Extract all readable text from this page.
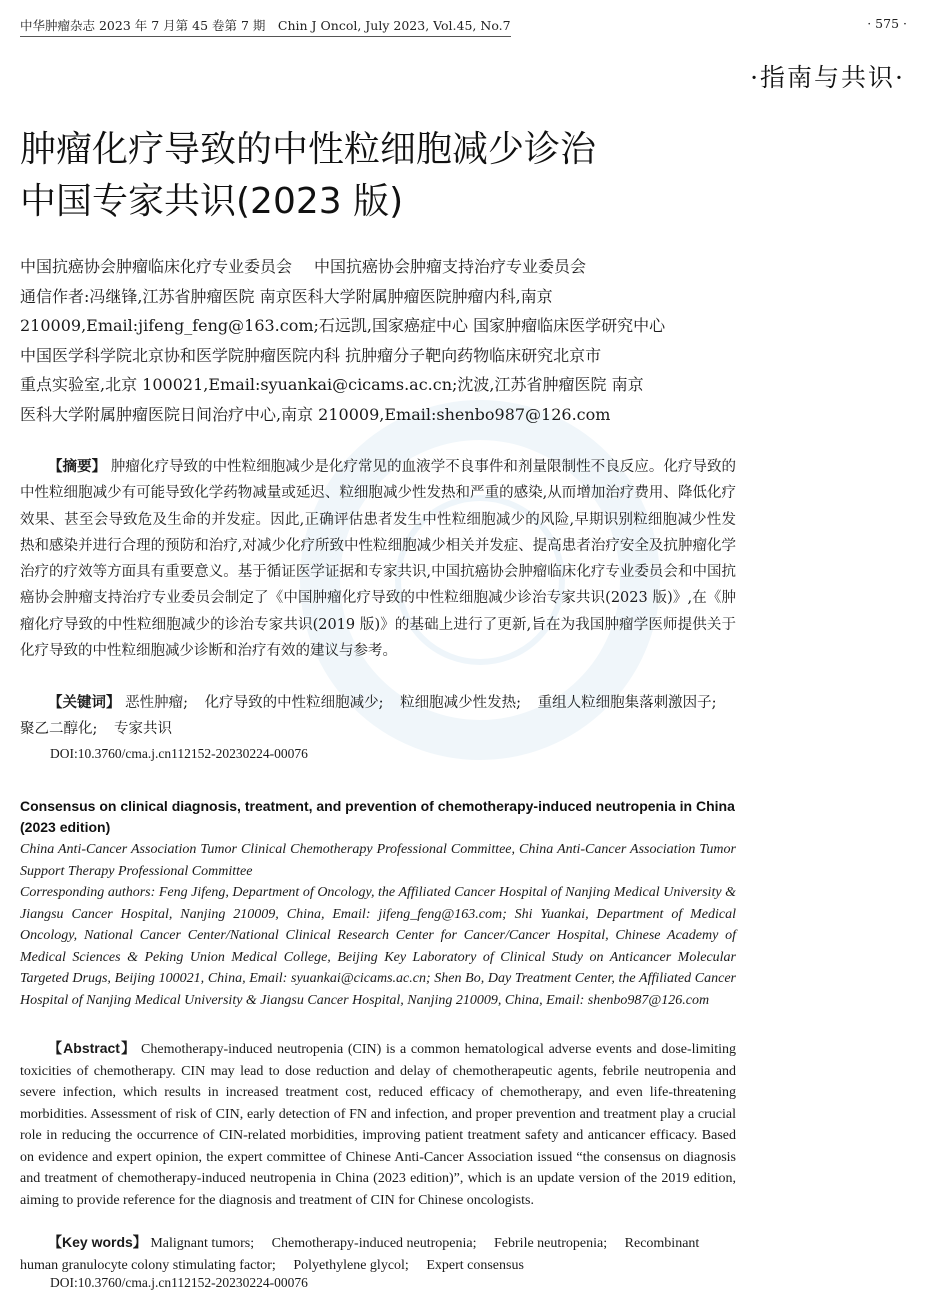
中华肿瘤杂志 2023 年 7 月第 45 卷第 7 期　Chin J Oncol, July 2023, Vol.45, No.7	· 575 ·
·指南与共识·
肿瘤化疗导致的中性粒细胞减少诊治
中国专家共识(2023 版)
中国抗癌协会肿瘤临床化疗专业委员会 中国抗癌协会肿瘤支持治疗专业委员会
通信作者:冯继锋,江苏省肿瘤医院 南京医科大学附属肿瘤医院肿瘤内科,南京
210009,Email:jifeng_feng@163.com;石远凯,国家癌症中心 国家肿瘤临床医学研究中心
中国医学科学院北京协和医学院肿瘤医院内科 抗肿瘤分子靶向药物临床研究北京市
重点实验室,北京 100021,Email:syuankai@cicams.ac.cn;沈波,江苏省肿瘤医院 南京
医科大学附属肿瘤医院日间治疗中心,南京 210009,Email:shenbo987@126.com
【摘要】 肿瘤化疗导致的中性粒细胞减少是化疗常见的血液学不良事件和剂量限制性不良反应。化疗导致的中性粒细胞减少有可能导致化学药物减量或延迟、粒细胞减少性发热和严重的感染,从而增加治疗费用、降低化疗效果、甚至会导致危及生命的并发症。因此,正确评估患者发生中性粒细胞减少的风险,早期识别粒细胞减少性发热和感染并进行合理的预防和治疗,对减少化疗所致中性粒细胞减少相关并发症、提高患者治疗安全及抗肿瘤化学治疗的疗效等方面具有重要意义。基于循证医学证据和专家共识,中国抗癌协会肿瘤临床化疗专业委员会和中国抗癌协会肿瘤支持治疗专业委员会制定了《中国肿瘤化疗导致的中性粒细胞减少诊治专家共识(2023 版)》,在《肿瘤化疗导致的中性粒细胞减少的诊治专家共识(2019 版)》的基础上进行了更新,旨在为我国肿瘤学医师提供关于化疗导致的中性粒细胞减少诊断和治疗有效的建议与参考。
【关键词】 恶性肿瘤; 化疗导致的中性粒细胞减少; 粒细胞减少性发热; 重组人粒细胞集落刺激因子; 聚乙二醇化; 专家共识
DOI:10.3760/cma.j.cn112152-20230224-00076
Consensus on clinical diagnosis, treatment, and prevention of chemotherapy-induced neutropenia in China (2023 edition)
China Anti-Cancer Association Tumor Clinical Chemotherapy Professional Committee, China Anti-Cancer Association Tumor Support Therapy Professional Committee
Corresponding authors: Feng Jifeng, Department of Oncology, the Affiliated Cancer Hospital of Nanjing Medical University & Jiangsu Cancer Hospital, Nanjing 210009, China, Email: jifeng_feng@163.com; Shi Yuankai, Department of Medical Oncology, National Cancer Center/National Clinical Research Center for Cancer/Cancer Hospital, Chinese Academy of Medical Sciences & Peking Union Medical College, Beijing Key Laboratory of Clinical Study on Anticancer Molecular Targeted Drugs, Beijing 100021, China, Email: syuankai@cicams.ac.cn; Shen Bo, Day Treatment Center, the Affiliated Cancer Hospital of Nanjing Medical University & Jiangsu Cancer Hospital, Nanjing 210009, China, Email: shenbo987@126.com
【Abstract】 Chemotherapy-induced neutropenia (CIN) is a common hematological adverse events and dose-limiting toxicities of chemotherapy. CIN may lead to dose reduction and delay of chemotherapeutic agents, febrile neutropenia and severe infection, which results in increased treatment cost, reduced efficacy of chemotherapy, and even life-threatening morbidities. Assessment of risk of CIN, early detection of FN and infection, and proper prevention and treatment play a crucial role in reducing the occurrence of CIN-related morbidities, improving patient treatment safety and anticancer efficacy. Based on evidence and expert opinion, the expert committee of Chinese Anti-Cancer Association issued “the consensus on diagnosis and treatment of chemotherapy-induced neutropenia in China (2023 edition)”, which is an update version of the 2019 edition, aiming to provide reference for the diagnosis and treatment of CIN for Chinese oncologists.
【Key words】 Malignant tumors; Chemotherapy-induced neutropenia; Febrile neutropenia; Recombinant human granulocyte colony stimulating factor; Polyethylene glycol; Expert consensus
DOI:10.3760/cma.j.cn112152-20230224-00076
